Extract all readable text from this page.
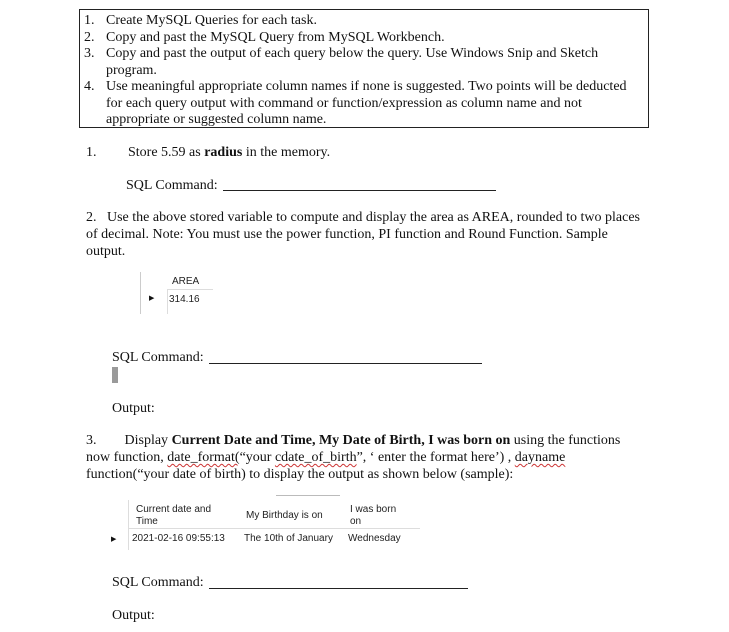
1. Create MySQL Queries for each task.
2. Copy and past the MySQL Query from MySQL Workbench.
3. Copy and past the output of each query below the query. Use Windows Snip and Sketch program.
4. Use meaningful appropriate column names if none is suggested. Two points will be deducted for each query output with command or function/expression as column name and not appropriate or suggested column name.
1. Store 5.59 as radius in the memory.
SQL Command:
2. Use the above stored variable to compute and display the area as AREA, rounded to two places of decimal. Note: You must use the power function, PI function and Round Function. Sample output.
AREA
▶ 314.16
SQL Command:
Output:
3. Display Current Date and Time, My Date of Birth, I was born on using the functions
now function, date_format(“your cdate_of_birth”, ‘ enter the format here’) , dayname
function(“your date of birth) to display the output as shown below (sample):
Current date and Time
My Birthday is on
I was born on
▶ 2021-02-16 09:55:13 The 10th of January Wednesday
SQL Command:
Output:
